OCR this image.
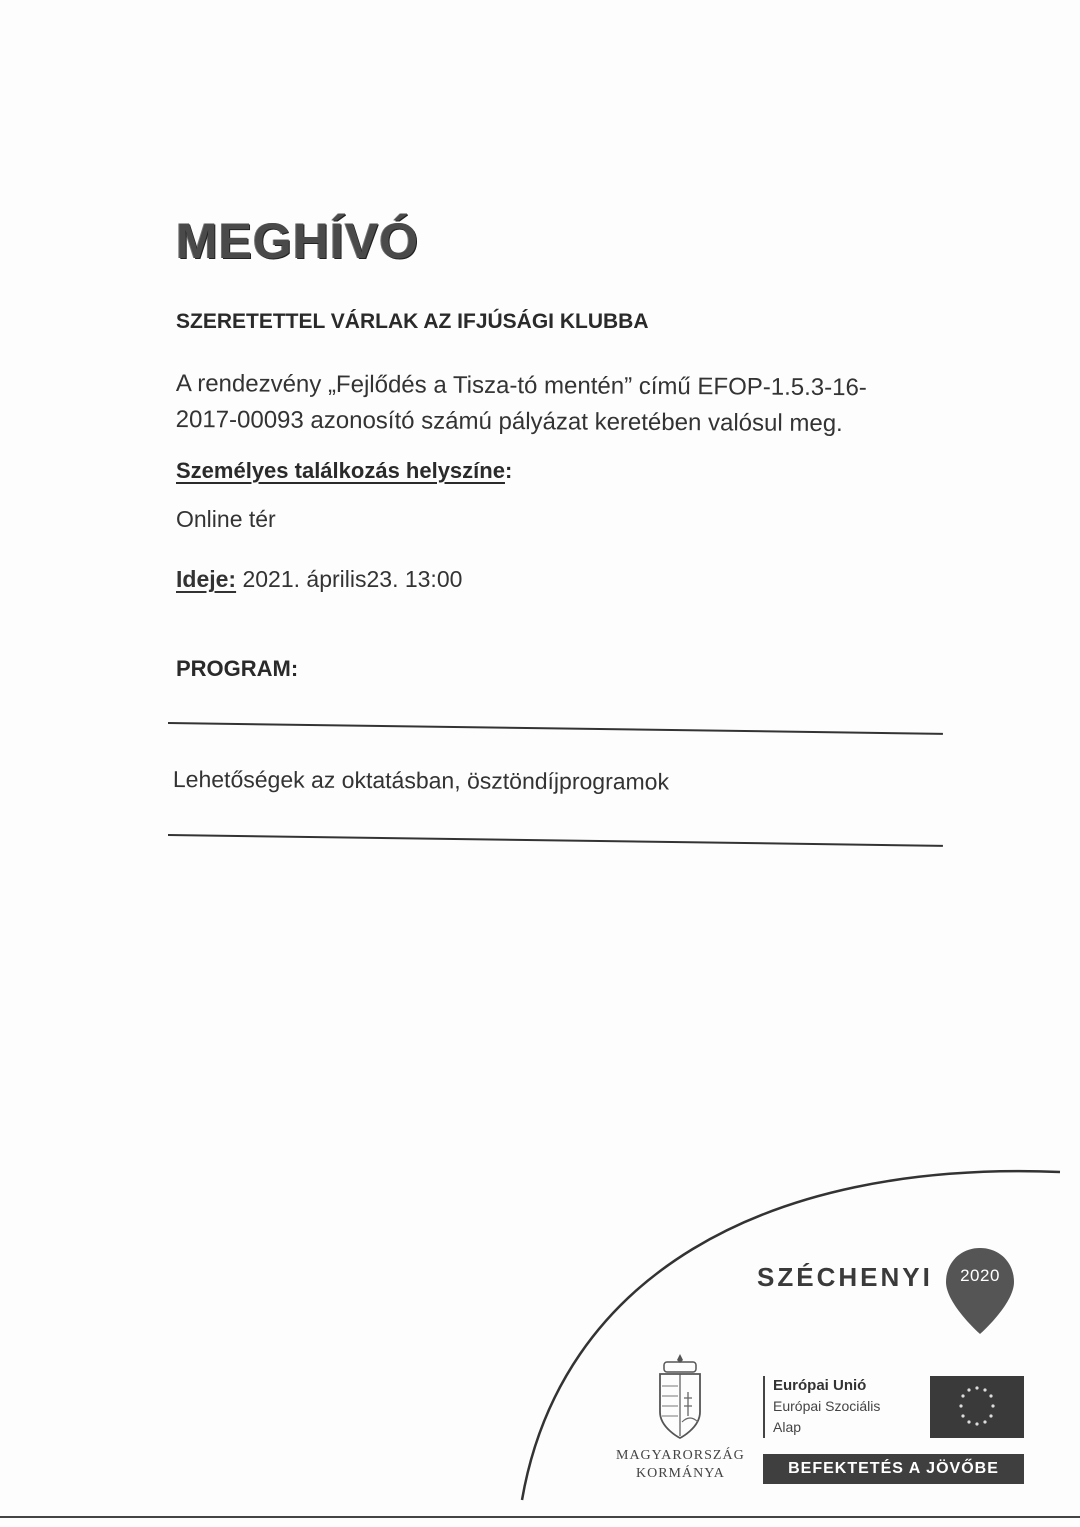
MEGHÍVÓ
SZERETETTEL VÁRLAK AZ IFJÚSÁGI KLUBBA
A rendezvény „Fejlődés a Tisza-tó mentén” című EFOP-1.5.3-16-
2017-00093 azonosító számú pályázat keretében valósul meg.
Személyes találkozás helyszíne:
Online tér
Ideje: 2021. április23. 13:00
PROGRAM:
Lehetőségek az oktatásban, ösztöndíjprogramok
SZÉCHENYI	2020
MAGYARORSZÁG
KORMÁNYA
Európai Unió
Európai Szociális
Alap
BEFEKTETÉS A JÖVŐBE
